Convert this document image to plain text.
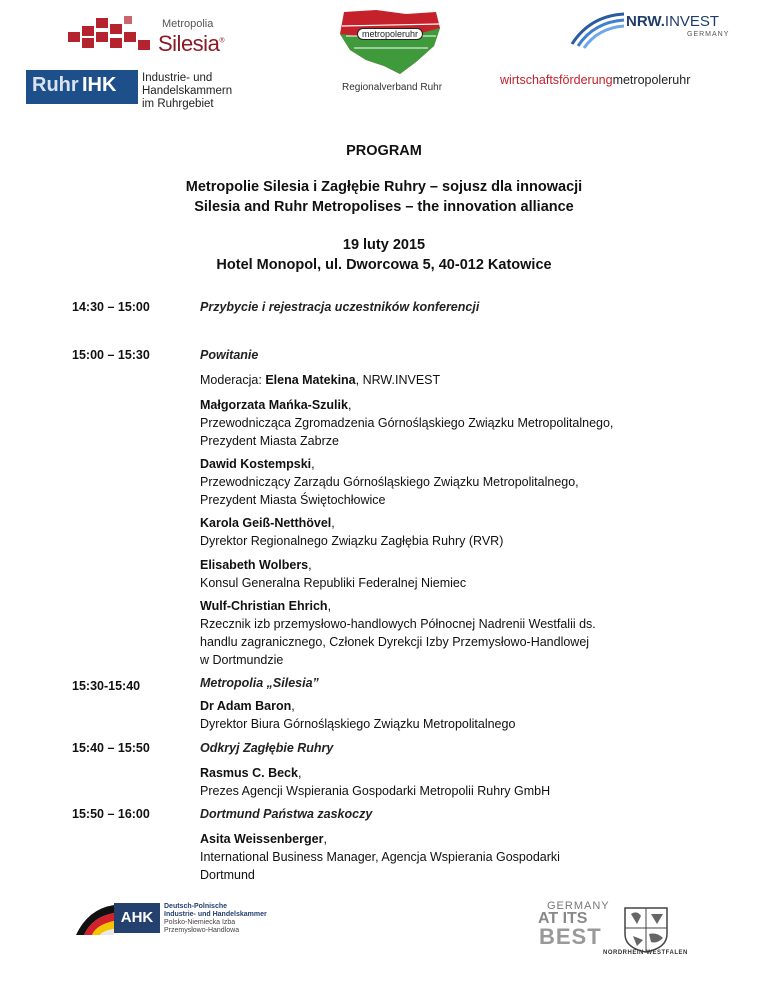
Metropolia
Silesia®
Ruhr IHK Industrie- und Handelskammern
im Ruhrgebiet
metropoleruhr
Regionalverband Ruhr
NRW.INVEST
GERMANY
wirtschaftsförderungmetropoleruhr
PROGRAM
Metropolie Silesia i Zagłębie Ruhry – sojusz dla innowacji
Silesia and Ruhr Metropolises – the innovation alliance
19 luty 2015
Hotel Monopol, ul. Dworcowa 5, 40-012 Katowice
14:30 – 15:00	Przybycie i rejestracja uczestników konferencji
15:00 – 15:30	Powitanie
Moderacja: Elena Matekina, NRW.INVEST
Małgorzata Mańka-Szulik,
Przewodnicząca Zgromadzenia Górnośląskiego Związku Metropolitalnego,
Prezydent Miasta Zabrze
Dawid Kostempski,
Przewodniczący Zarządu Górnośląskiego Związku Metropolitalnego,
Prezydent Miasta Świętochłowice
Karola Geiß-Netthövel,
Dyrektor Regionalnego Związku Zagłębia Ruhry (RVR)
Elisabeth Wolbers,
Konsul Generalna Republiki Federalnej Niemiec
Wulf-Christian Ehrich,
Rzecznik izb przemysłowo-handlowych Północnej Nadrenii Westfalii ds.
handlu zagranicznego, Członek Dyrekcji Izby Przemysłowo-Handlowej
w Dortmundzie
15:30-15:40	Metropolia „Silesia”
Dr Adam Baron,
Dyrektor Biura Górnośląskiego Związku Metropolitalnego
15:40 – 15:50	Odkryj Zagłębie Ruhry
Rasmus C. Beck,
Prezes Agencji Wspierania Gospodarki Metropolii Ruhry GmbH
15:50 – 16:00	Dortmund Państwa zaskoczy
Asita Weissenberger,
International Business Manager, Agencja Wspierania Gospodarki
Dortmund
AHK
Deutsch-Polnische
Industrie- und Handelskammer
Polsko-Niemiecka Izba
Przemysłowo-Handlowa
GERMANY
AT ITS
BEST
NORDRHEIN-WESTFALEN
